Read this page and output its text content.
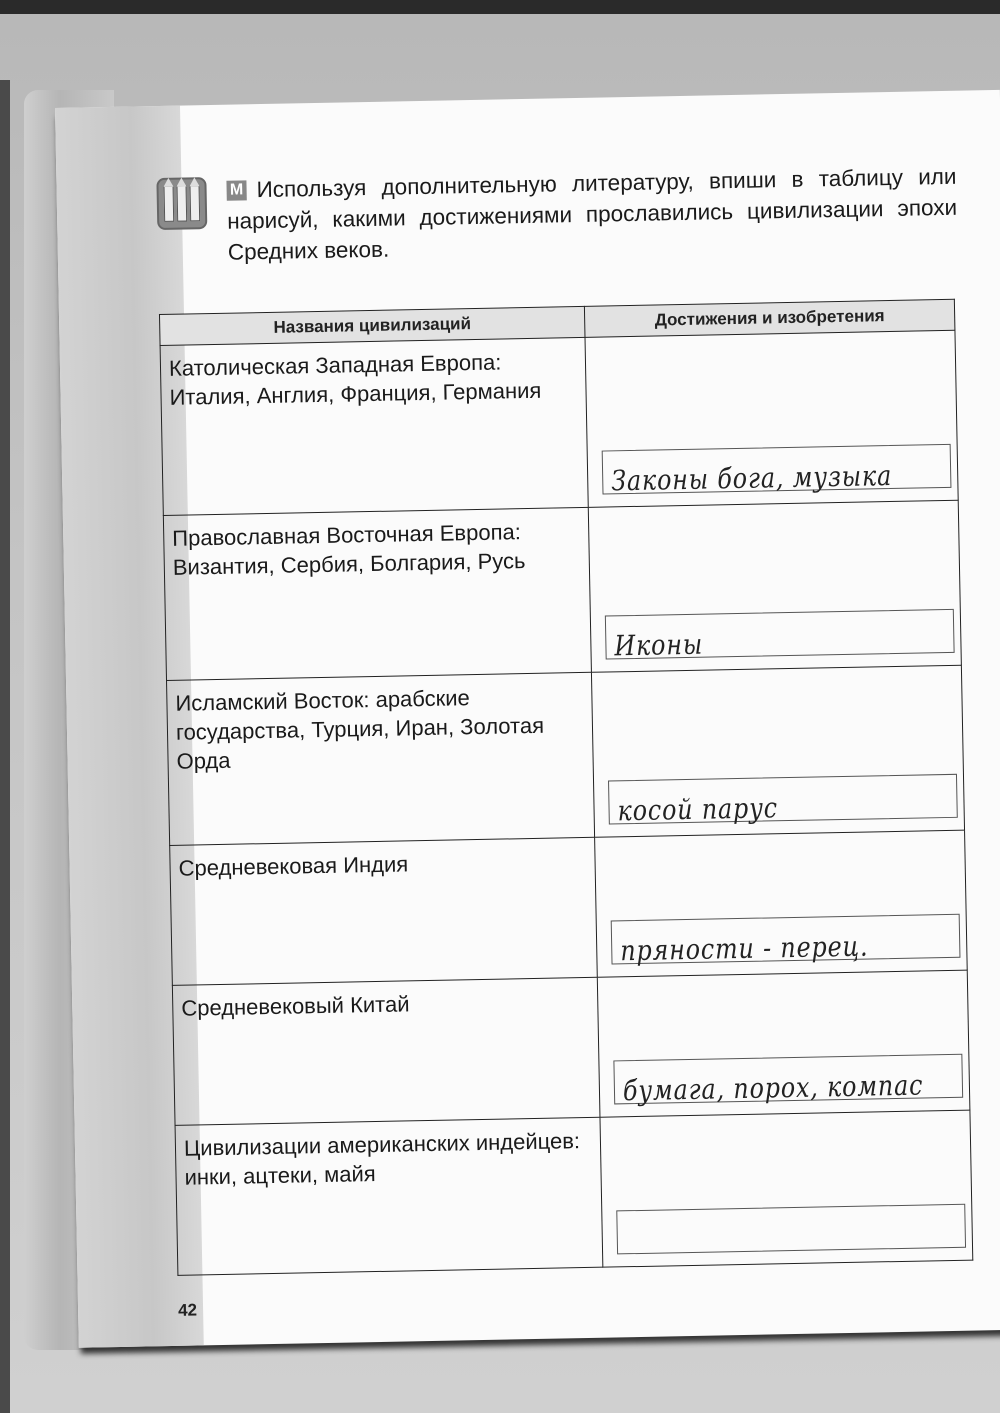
М Используя дополнительную литературу, впиши в таблицу или нарисуй, какими достижениями прославились цивилизации эпохи Средних веков.
Названия цивилизаций	Достижения и изобретения
Католическая Западная Европа: Италия, Англия, Франция, Германия	Законы бога, музыка

Православная Восточная Европа: Византия, Сербия, Болгария, Русь	Иконы

Исламский Восток: арабские государства, Турция, Иран, Золотая Орда	косой парус

Средневековая Индия	пряности - перец.

Средневековый Китай	бумага, порох, компас

Цивилизации американских индейцев: инки, ацтеки, майя	
42
